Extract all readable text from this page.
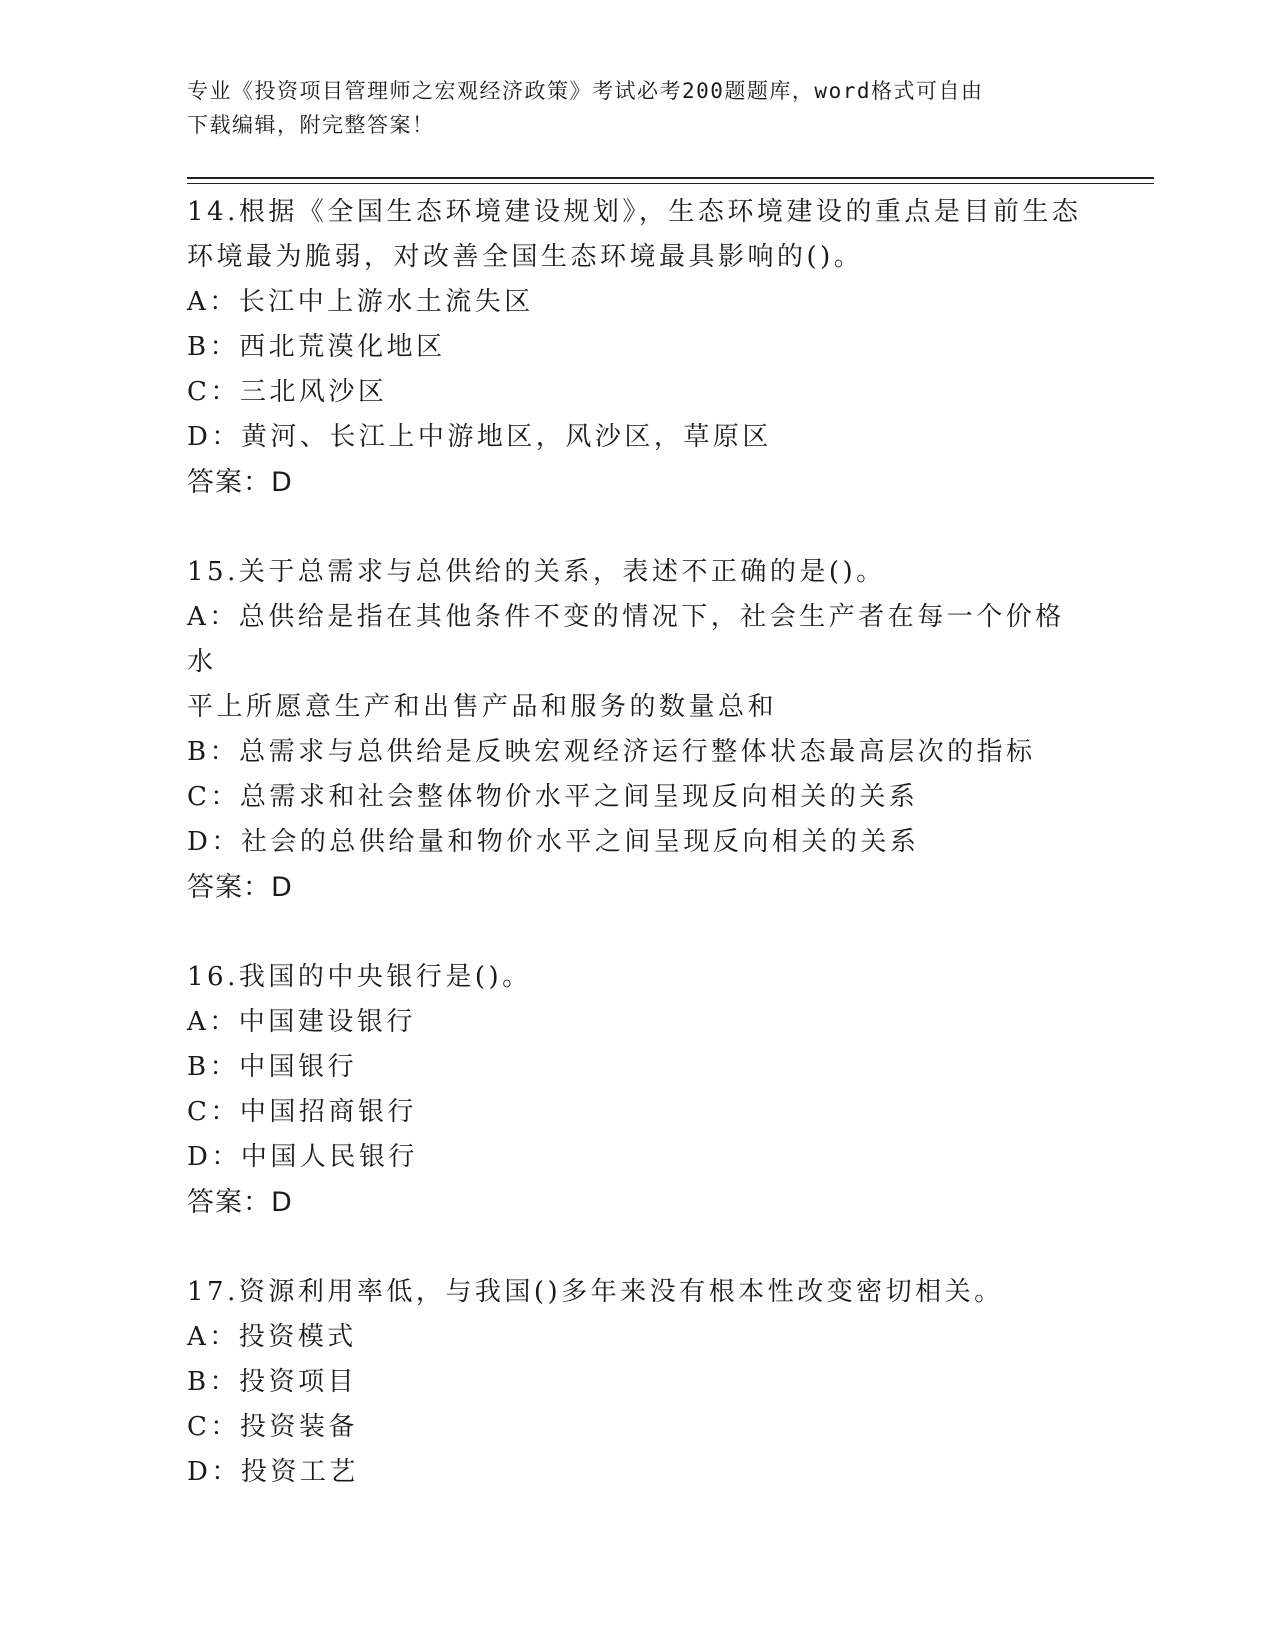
专业《投资项目管理师之宏观经济政策》考试必考200题题库，word格式可自由
下载编辑，附完整答案！

14.根据《全国生态环境建设规划》，生态环境建设的重点是目前生态

环境最为脆弱，对改善全国生态环境最具影响的()。

A：长江中上游水土流失区

B：西北荒漠化地区

C：三北风沙区

D：黄河、长江上中游地区，风沙区，草原区

答案：D

15.关于总需求与总供给的关系，表述不正确的是()。

A：总供给是指在其他条件不变的情况下，社会生产者在每一个价格水

平上所愿意生产和出售产品和服务的数量总和

B：总需求与总供给是反映宏观经济运行整体状态最高层次的指标

C：总需求和社会整体物价水平之间呈现反向相关的关系

D：社会的总供给量和物价水平之间呈现反向相关的关系

答案：D

16.我国的中央银行是()。

A：中国建设银行

B：中国银行

C：中国招商银行

D：中国人民银行

答案：D

17.资源利用率低，与我国()多年来没有根本性改变密切相关。

A：投资模式

B：投资项目

C：投资装备

D：投资工艺
